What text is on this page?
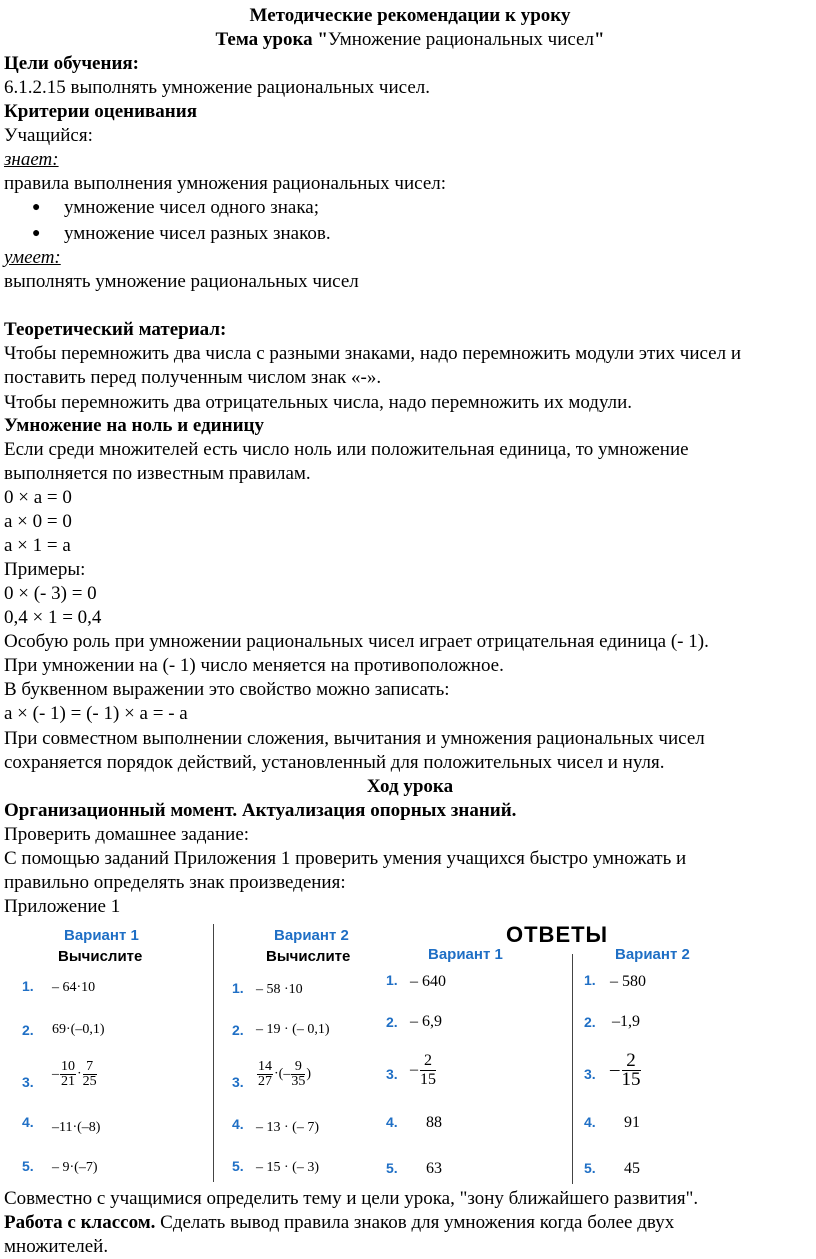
Методические рекомендации к уроку
Тема урока "Умножение рациональных чисел"
Цели обучения:
6.1.2.15 выполнять умножение рациональных чисел.
Критерии оценивания
Учащийся:
знает:
правила выполнения умножения рациональных чисел:
● умножение чисел одного знака;
● умножение чисел разных знаков.
умеет:
выполнять умножение рациональных чисел
Теоретический материал:
Чтобы перемножить два числа с разными знаками, надо перемножить модули этих чисел и
поставить перед полученным числом знак «-».
Чтобы перемножить два отрицательных числа, надо перемножить их модули.
Умножение на ноль и единицу
Если среди множителей есть число ноль или положительная единица, то умножение
выполняется по известным правилам.
0 × a = 0
a × 0 = 0
a × 1 = a
Примеры:
0 × (- 3) = 0
0,4 × 1 = 0,4
Особую роль при умножении рациональных чисел играет отрицательная единица (- 1).
При умножении на (- 1) число меняется на противоположное.
В буквенном выражении это свойство можно записать:
a × (- 1) = (- 1) × a = - a
При совместном выполнении сложения, вычитания и умножения рациональных чисел
сохраняется порядок действий, установленный для положительных чисел и нуля.
Ход урока
Организационный момент. Актуализация опорных знаний.
Проверить домашнее задание:
С помощью заданий Приложения 1 проверить умения учащихся быстро умножать и
правильно определять знак произведения:
Приложение 1
Вариант 1
Вычислите
Вариант 2
Вычислите
ОТВЕТЫ
Вариант 1	Вариант 2
1. – 64·10
2. 69·(–0,1)
3. – $\frac{10}{21} \cdot \frac{7}{25}$
4. –11·(–8)
5. – 9·(–7)
1. – 58 ·10
2. – 19 · (– 0,1)
3. $\frac{14}{27}$ ·(– $\frac{9}{35}$ )
4. – 13 · (– 7)
5. – 15 · (– 3)
1. – 640
2. – 6,9
3. – $\frac{2}{15}$
4. 88
5. 63
1. – 580
2. –1,9
3. – $\frac{2}{15}$
4. 91
5. 45
Совместно с учащимися определить тему и цели урока, "зону ближайшего развития".
Работа с классом. Сделать вывод правила знаков для умножения когда более двух
множителей.
